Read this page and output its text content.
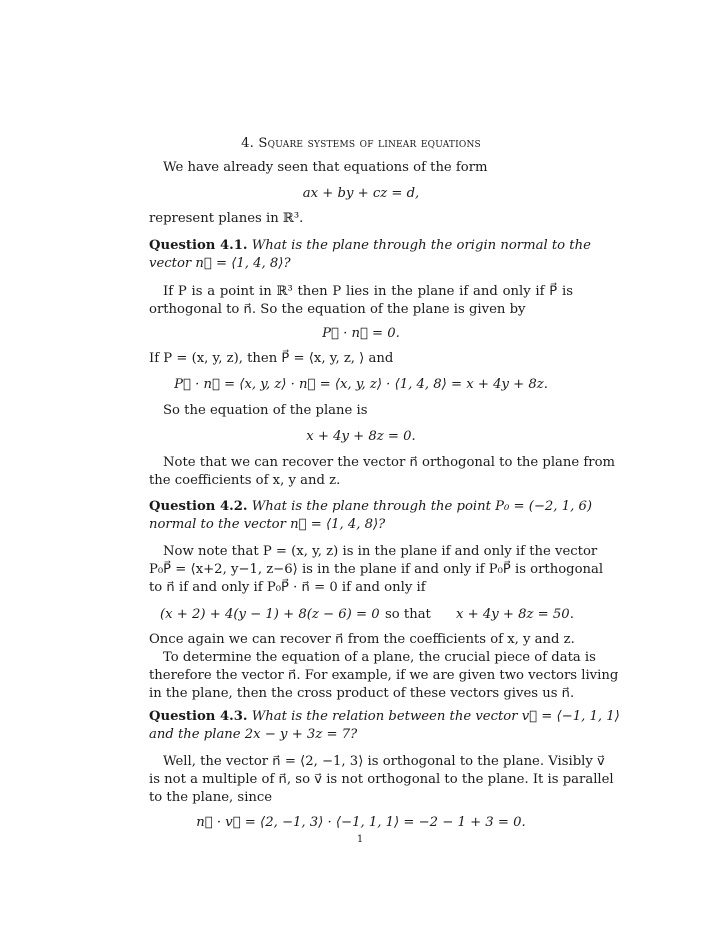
4. Square systems of linear equations
We have already seen that equations of the form
ax + by + cz = d,
represent planes in ℝ³.
Question 4.1. What is the plane through the origin normal to the
vector n⃗ = ⟨1, 4, 8⟩?
If P is a point in ℝ³ then P lies in the plane if and only if P⃗ is
orthogonal to n⃗. So the equation of the plane is given by
P⃗ · n⃗ = 0.
If P = (x, y, z), then P⃗ = ⟨x, y, z, ⟩ and
P⃗ · n⃗ = ⟨x, y, z⟩ · n⃗ = ⟨x, y, z⟩ · ⟨1, 4, 8⟩ = x + 4y + 8z.
So the equation of the plane is
x + 4y + 8z = 0.
Note that we can recover the vector n⃗ orthogonal to the plane from
the coefficients of x, y and z.
Question 4.2. What is the plane through the point P₀ = (−2, 1, 6)
normal to the vector n⃗ = ⟨1, 4, 8⟩?
Now note that P = (x, y, z) is in the plane if and only if the vector
P₀P⃗ = ⟨x+2, y−1, z−6⟩ is in the plane if and only if P₀P⃗ is orthogonal
to n⃗ if and only if P₀P⃗ · n⃗ = 0 if and only if
(x + 2) + 4(y − 1) + 8(z − 6) = 0 so that x + 4y + 8z = 50.
Once again we can recover n⃗ from the coefficients of x, y and z.
To determine the equation of a plane, the crucial piece of data is
therefore the vector n⃗. For example, if we are given two vectors living
in the plane, then the cross product of these vectors gives us n⃗.
Question 4.3. What is the relation between the vector v⃗ = ⟨−1, 1, 1⟩
and the plane 2x − y + 3z = 7?
Well, the vector n⃗ = ⟨2, −1, 3⟩ is orthogonal to the plane. Visibly v⃗
is not a multiple of n⃗, so v⃗ is not orthogonal to the plane. It is parallel
to the plane, since
n⃗ · v⃗ = ⟨2, −1, 3⟩ · ⟨−1, 1, 1⟩ = −2 − 1 + 3 = 0.
1
